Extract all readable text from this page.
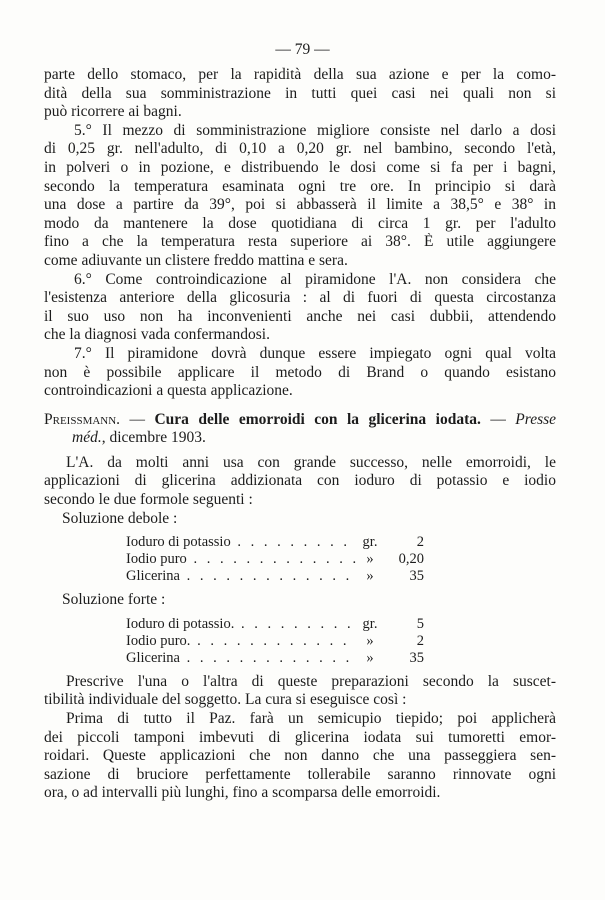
— 79 —
parte dello stomaco, per la rapidità della sua azione e per la como-
dità della sua somministrazione in tutti quei casi nei quali non si
può ricorrere ai bagni.
5.° Il mezzo di somministrazione migliore consiste nel darlo a dosi
di 0,25 gr. nell'adulto, di 0,10 a 0,20 gr. nel bambino, secondo l'età,
in polveri o in pozione, e distribuendo le dosi come si fa per i bagni,
secondo la temperatura esaminata ogni tre ore. In principio si darà
una dose a partire da 39°, poi si abbasserà il limite a 38,5° e 38° in
modo da mantenere la dose quotidiana di circa 1 gr. per l'adulto
fino a che la temperatura resta superiore ai 38°. È utile aggiungere
come adiuvante un clistere freddo mattina e sera.
6.° Come controindicazione al piramidone l'A. non considera che
l'esistenza anteriore della glicosuria : al di fuori di questa circostanza
il suo uso non ha inconvenienti anche nei casi dubbii, attendendo
che la diagnosi vada confermandosi.
7.° Il piramidone dovrà dunque essere impiegato ogni qual volta
non è possibile applicare il metodo di Brand o quando esistano
controindicazioni a questa applicazione.
Preissmann. — Cura delle emorroidi con la glicerina iodata. — Presse
méd., dicembre 1903.
L'A. da molti anni usa con grande successo, nelle emorroidi, le
applicazioni di glicerina addizionata con ioduro di potassio e iodio
secondo le due formole seguenti :
Soluzione debole :
Ioduro di potassio . . .	gr.	2
Iodio puro . . .	»	0,20
Glicerina . . .	»	35
Soluzione forte :
Ioduro di potassio. . . .	gr.	5
Iodio puro. . . .	»	2
Glicerina . . .	»	35
Prescrive l'una o l'altra di queste preparazioni secondo la suscet-
tibilità individuale del soggetto. La cura si eseguisce così :
Prima di tutto il Paz. farà un semicupio tiepido; poi applicherà
dei piccoli tamponi imbevuti di glicerina iodata sui tumoretti emor-
roidari. Queste applicazioni che non danno che una passeggiera sen-
sazione di bruciore perfettamente tollerabile saranno rinnovate ogni
ora, o ad intervalli più lunghi, fino a scomparsa delle emorroidi.
